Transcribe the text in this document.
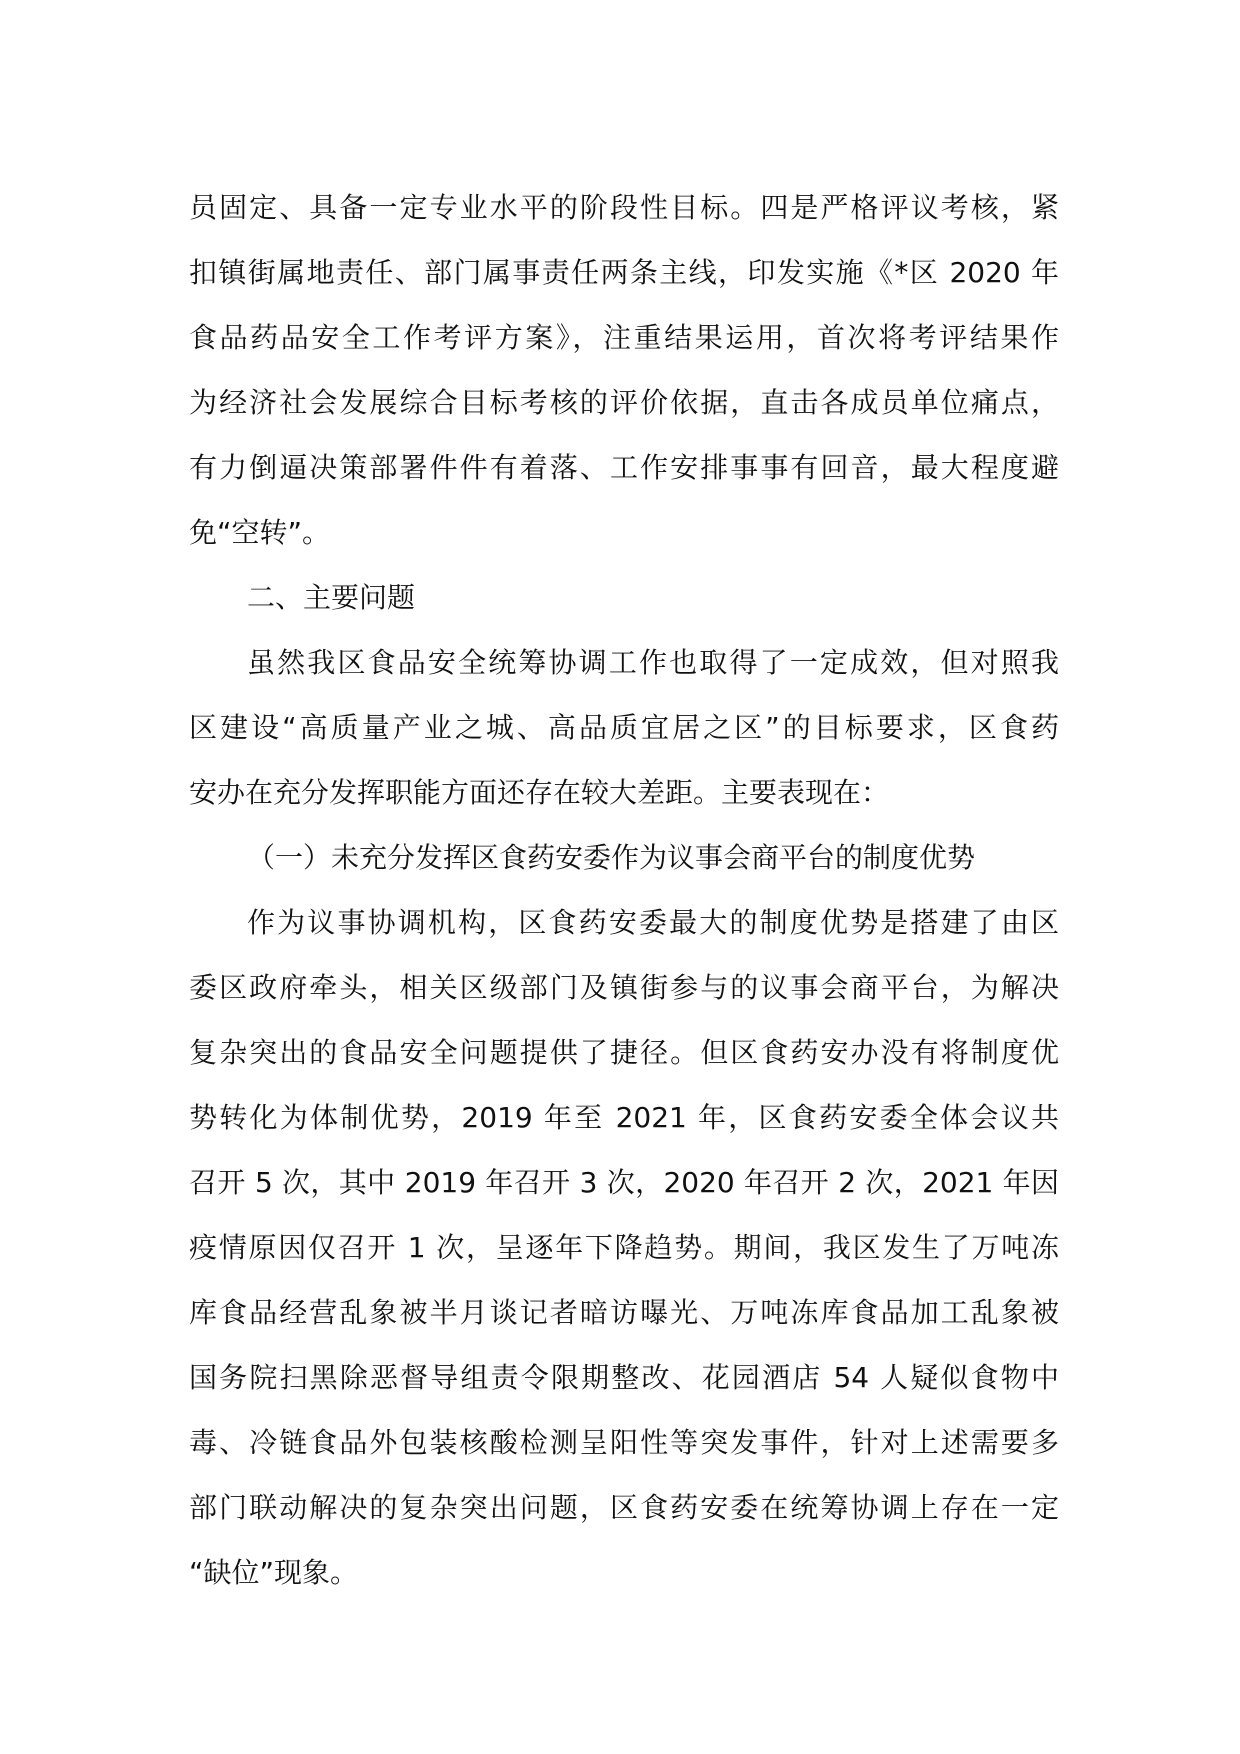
员固定、具备一定专业水平的阶段性目标。四是严格评议考核，紧
扣镇街属地责任、部门属事责任两条主线，印发实施《*区 2020 年
食品药品安全工作考评方案》，注重结果运用，首次将考评结果作
为经济社会发展综合目标考核的评价依据，直击各成员单位痛点，
有力倒逼决策部署件件有着落、工作安排事事有回音，最大程度避
免“空转”。
二、主要问题
虽然我区食品安全统筹协调工作也取得了一定成效，但对照我
区建设“高质量产业之城、高品质宜居之区”的目标要求，区食药
安办在充分发挥职能方面还存在较大差距。主要表现在：
（一）未充分发挥区食药安委作为议事会商平台的制度优势
作为议事协调机构，区食药安委最大的制度优势是搭建了由区
委区政府牵头，相关区级部门及镇街参与的议事会商平台，为解决
复杂突出的食品安全问题提供了捷径。但区食药安办没有将制度优
势转化为体制优势，2019 年至 2021 年，区食药安委全体会议共
召开 5 次，其中 2019 年召开 3 次，2020 年召开 2 次，2021 年因
疫情原因仅召开 1 次，呈逐年下降趋势。期间，我区发生了万吨冻
库食品经营乱象被半月谈记者暗访曝光、万吨冻库食品加工乱象被
国务院扫黑除恶督导组责令限期整改、花园酒店 54 人疑似食物中
毒、冷链食品外包装核酸检测呈阳性等突发事件，针对上述需要多
部门联动解决的复杂突出问题，区食药安委在统筹协调上存在一定
“缺位”现象。
